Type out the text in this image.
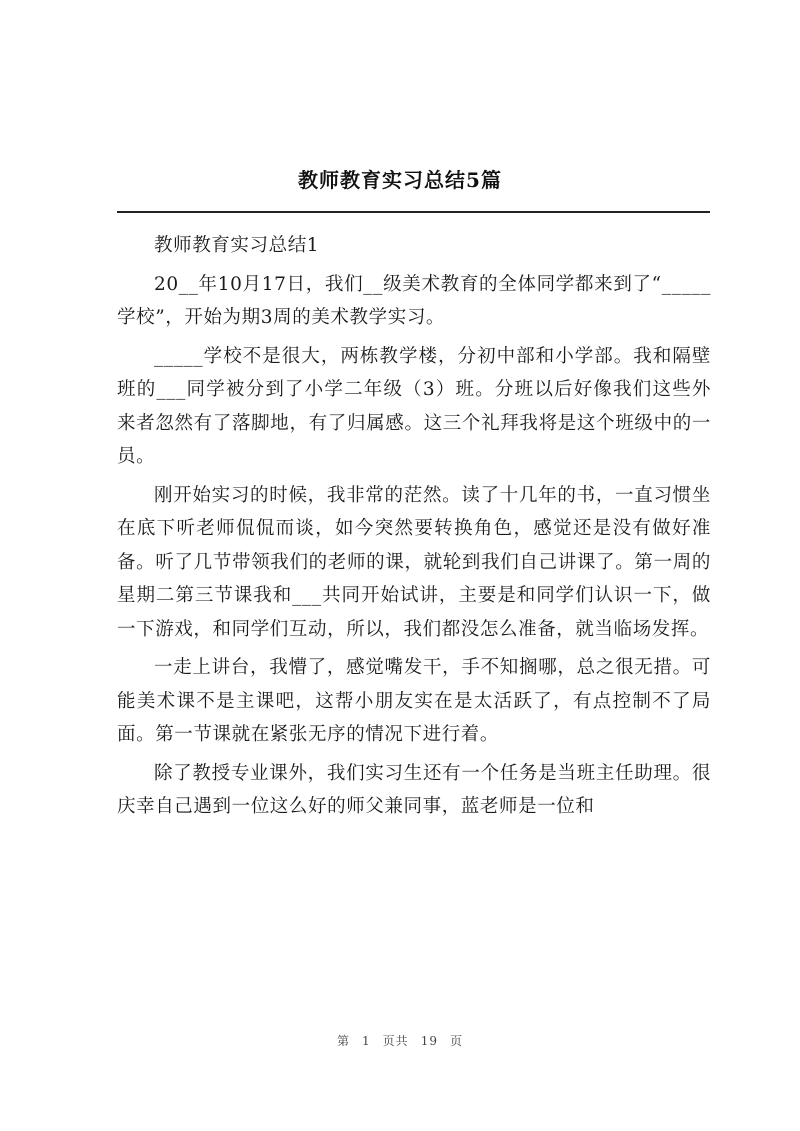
教师教育实习总结5篇

教师教育实习总结1

20__年10月17日，我们__级美术教育的全体同学都来到了“_____学校”，开始为期3周的美术教学实习。

_____学校不是很大，两栋教学楼，分初中部和小学部。我和隔壁班的___同学被分到了小学二年级（3）班。分班以后好像我们这些外来者忽然有了落脚地，有了归属感。这三个礼拜我将是这个班级中的一员。

刚开始实习的时候，我非常的茫然。读了十几年的书，一直习惯坐在底下听老师侃侃而谈，如今突然要转换角色，感觉还是没有做好准备。听了几节带领我们的老师的课，就轮到我们自己讲课了。第一周的星期二第三节课我和___共同开始试讲，主要是和同学们认识一下，做一下游戏，和同学们互动，所以，我们都没怎么准备，就当临场发挥。

一走上讲台，我懵了，感觉嘴发干，手不知搁哪，总之很无措。可能美术课不是主课吧，这帮小朋友实在是太活跃了，有点控制不了局面。第一节课就在紧张无序的情况下进行着。

除了教授专业课外，我们实习生还有一个任务是当班主任助理。很庆幸自己遇到一位这么好的师父兼同事，蓝老师是一位和

第 1 页共 19 页
